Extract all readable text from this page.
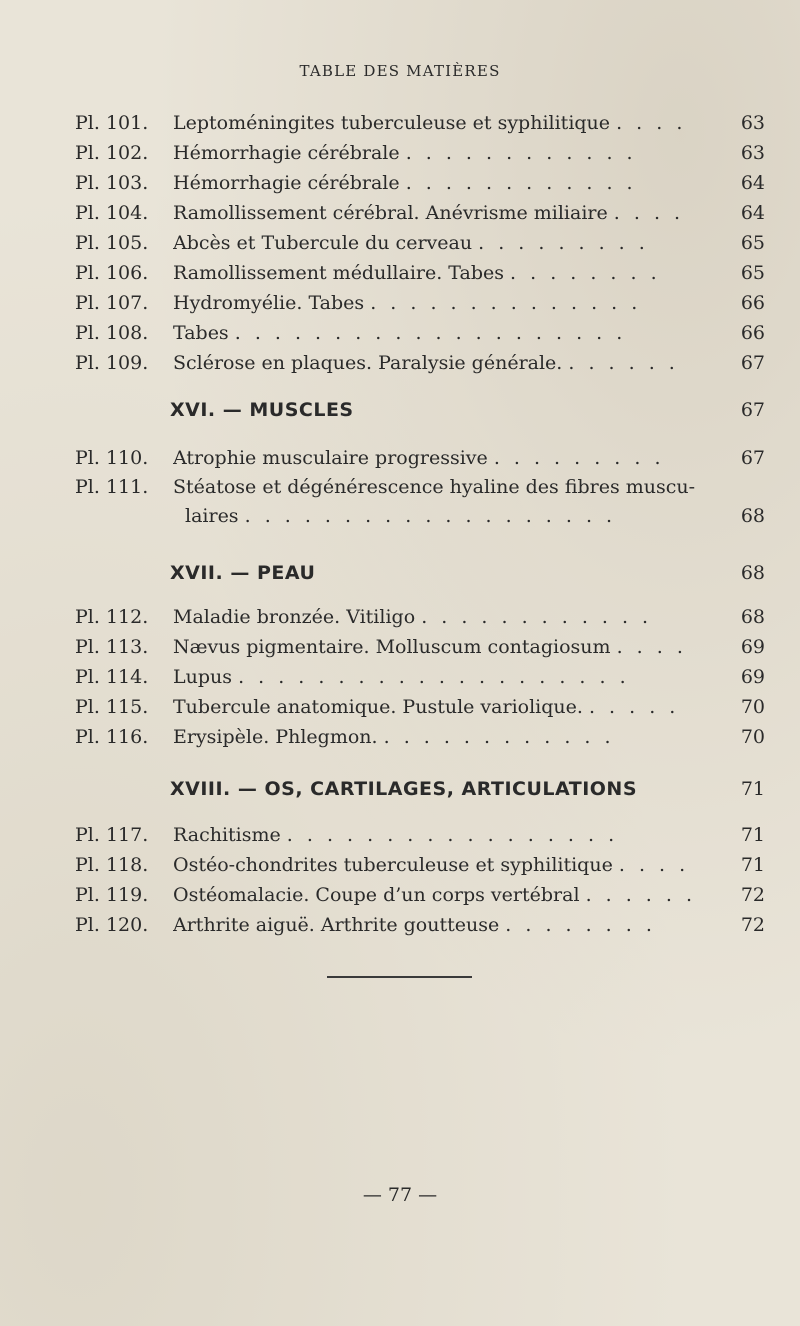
TABLE DES MATIÈRES
Pl. 101.	Leptoméningites tuberculeuse et syphilitique . . . .	63
Pl. 102.	Hémorrhagie cérébrale . . . . . . . . . . . .	63
Pl. 103.	Hémorrhagie cérébrale . . . . . . . . . . . .	64
Pl. 104.	Ramollissement cérébral. Anévrisme miliaire . . . .	64
Pl. 105.	Abcès et Tubercule du cerveau . . . . . . . . .	65
Pl. 106.	Ramollissement médullaire. Tabes . . . . . . . .	65
Pl. 107.	Hydromyélie. Tabes . . . . . . . . . . . . . .	66
Pl. 108.	Tabes . . . . . . . . . . . . . . . . . . . .	66
Pl. 109.	Sclérose en plaques. Paralysie générale. . . . . . .	67
XVI. — MUSCLES	67
Pl. 110.	Atrophie musculaire progressive . . . . . . . . .	67
Pl. 111.	Stéatose et dégénérescence hyaline des fibres muscu-
laires . . . . . . . . . . . . . . . . . . .	68
XVII. — PEAU	68
Pl. 112.	Maladie bronzée. Vitiligo . . . . . . . . . . . .	68
Pl. 113.	Nævus pigmentaire. Molluscum contagiosum . . . .	69
Pl. 114.	Lupus . . . . . . . . . . . . . . . . . . . .	69
Pl. 115.	Tubercule anatomique. Pustule variolique. . . . . .	70
Pl. 116.	Erysipèle. Phlegmon. . . . . . . . . . . . .	70
XVIII. — OS, CARTILAGES, ARTICULATIONS	71
Pl. 117.	Rachitisme . . . . . . . . . . . . . . . . .	71
Pl. 118.	Ostéo-chondrites tuberculeuse et syphilitique . . . .	71
Pl. 119.	Ostéomalacie. Coupe d’un corps vertébral . . . . . .	72
Pl. 120.	Arthrite aiguë. Arthrite goutteuse . . . . . . . .	72
— 77 —
